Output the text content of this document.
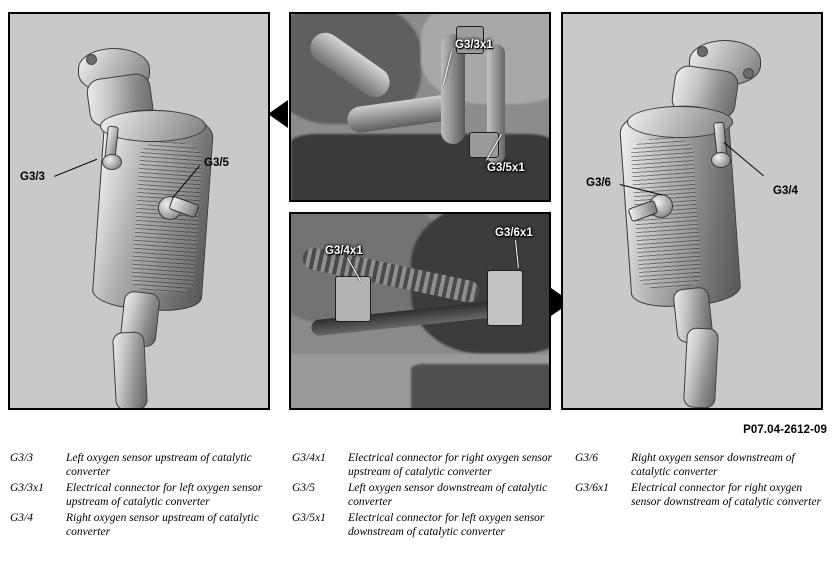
G3/3
G3/5
G3/3x1
G3/5x1
G3/4x1
G3/6x1
G3/6
G3/4
P07.04-2612-09
G3/3	Left oxygen sensor upstream of catalytic converter
G3/3x1	Electrical connector for left oxygen sensor upstream of catalytic converter
G3/4	Right oxygen sensor upstream of catalytic converter
G3/4x1	Electrical connector for right oxygen sensor upstream of catalytic converter
G3/5	Left oxygen sensor downstream of catalytic converter
G3/5x1	Electrical connector for left oxygen sensor downstream of catalytic converter
G3/6	Right oxygen sensor downstream of catalytic converter
G3/6x1	Electrical connector for right oxygen sensor downstream of catalytic converter
